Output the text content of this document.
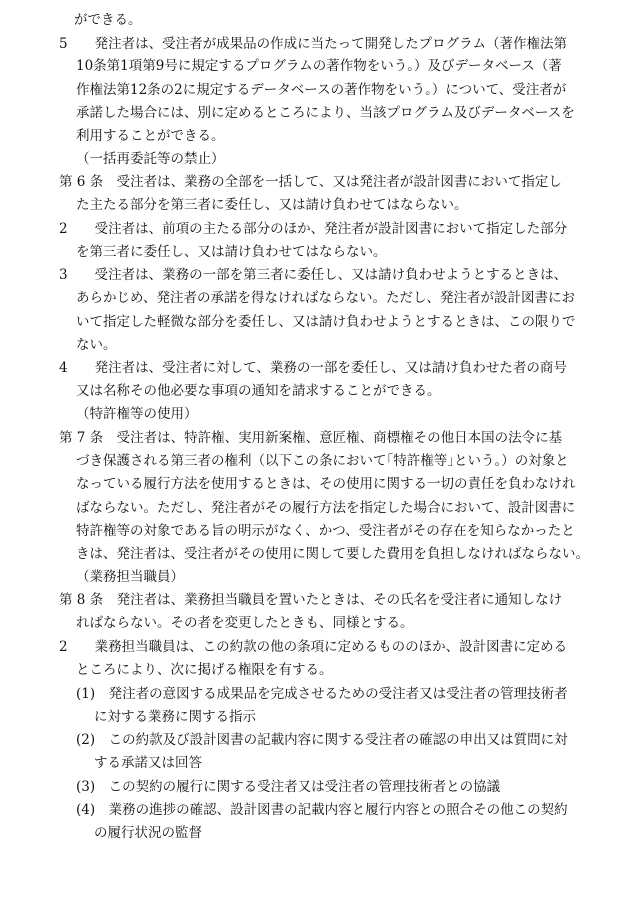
ができる。
5　　発注者は、受注者が成果品の作成に当たって開発したプログラム（著作権法第
10条第1項第9号に規定するプログラムの著作物をいう。）及びデータベース（著
作権法第12条の2に規定するデータベースの著作物をいう。）について、受注者が
承諾した場合には、別に定めるところにより、当該プログラム及びデータベースを
利用することができる。
（一括再委託等の禁止）
第 6 条　受注者は、業務の全部を一括して、又は発注者が設計図書において指定し
た主たる部分を第三者に委任し、又は請け負わせてはならない。
2　　受注者は、前項の主たる部分のほか、発注者が設計図書において指定した部分
を第三者に委任し、又は請け負わせてはならない。
3　　受注者は、業務の一部を第三者に委任し、又は請け負わせようとするときは、
あらかじめ、発注者の承諾を得なければならない。ただし、発注者が設計図書にお
いて指定した軽微な部分を委任し、又は請け負わせようとするときは、この限りで
ない。
4　　発注者は、受注者に対して、業務の一部を委任し、又は請け負わせた者の商号
又は名称その他必要な事項の通知を請求することができる。
（特許権等の使用）
第 7 条　受注者は、特許権、実用新案権、意匠権、商標権その他日本国の法令に基
づき保護される第三者の権利（以下この条において｢特許権等｣という。）の対象と
なっている履行方法を使用するときは、その使用に関する一切の責任を負わなけれ
ばならない。ただし、発注者がその履行方法を指定した場合において、設計図書に
特許権等の対象である旨の明示がなく、かつ、受注者がその存在を知らなかったと
きは、発注者は、受注者がその使用に関して要した費用を負担しなければならない。
（業務担当職員）
第 8 条　発注者は、業務担当職員を置いたときは、その氏名を受注者に通知しなけ
ればならない。その者を変更したときも、同様とする。
2　　業務担当職員は、この約款の他の条項に定めるもののほか、設計図書に定める
ところにより、次に掲げる権限を有する。
(1)　発注者の意図する成果品を完成させるための受注者又は受注者の管理技術者
に対する業務に関する指示
(2)　この約款及び設計図書の記載内容に関する受注者の確認の申出又は質問に対
する承諾又は回答
(3)　この契約の履行に関する受注者又は受注者の管理技術者との協議
(4)　業務の進捗の確認、設計図書の記載内容と履行内容との照合その他この契約
の履行状況の監督
